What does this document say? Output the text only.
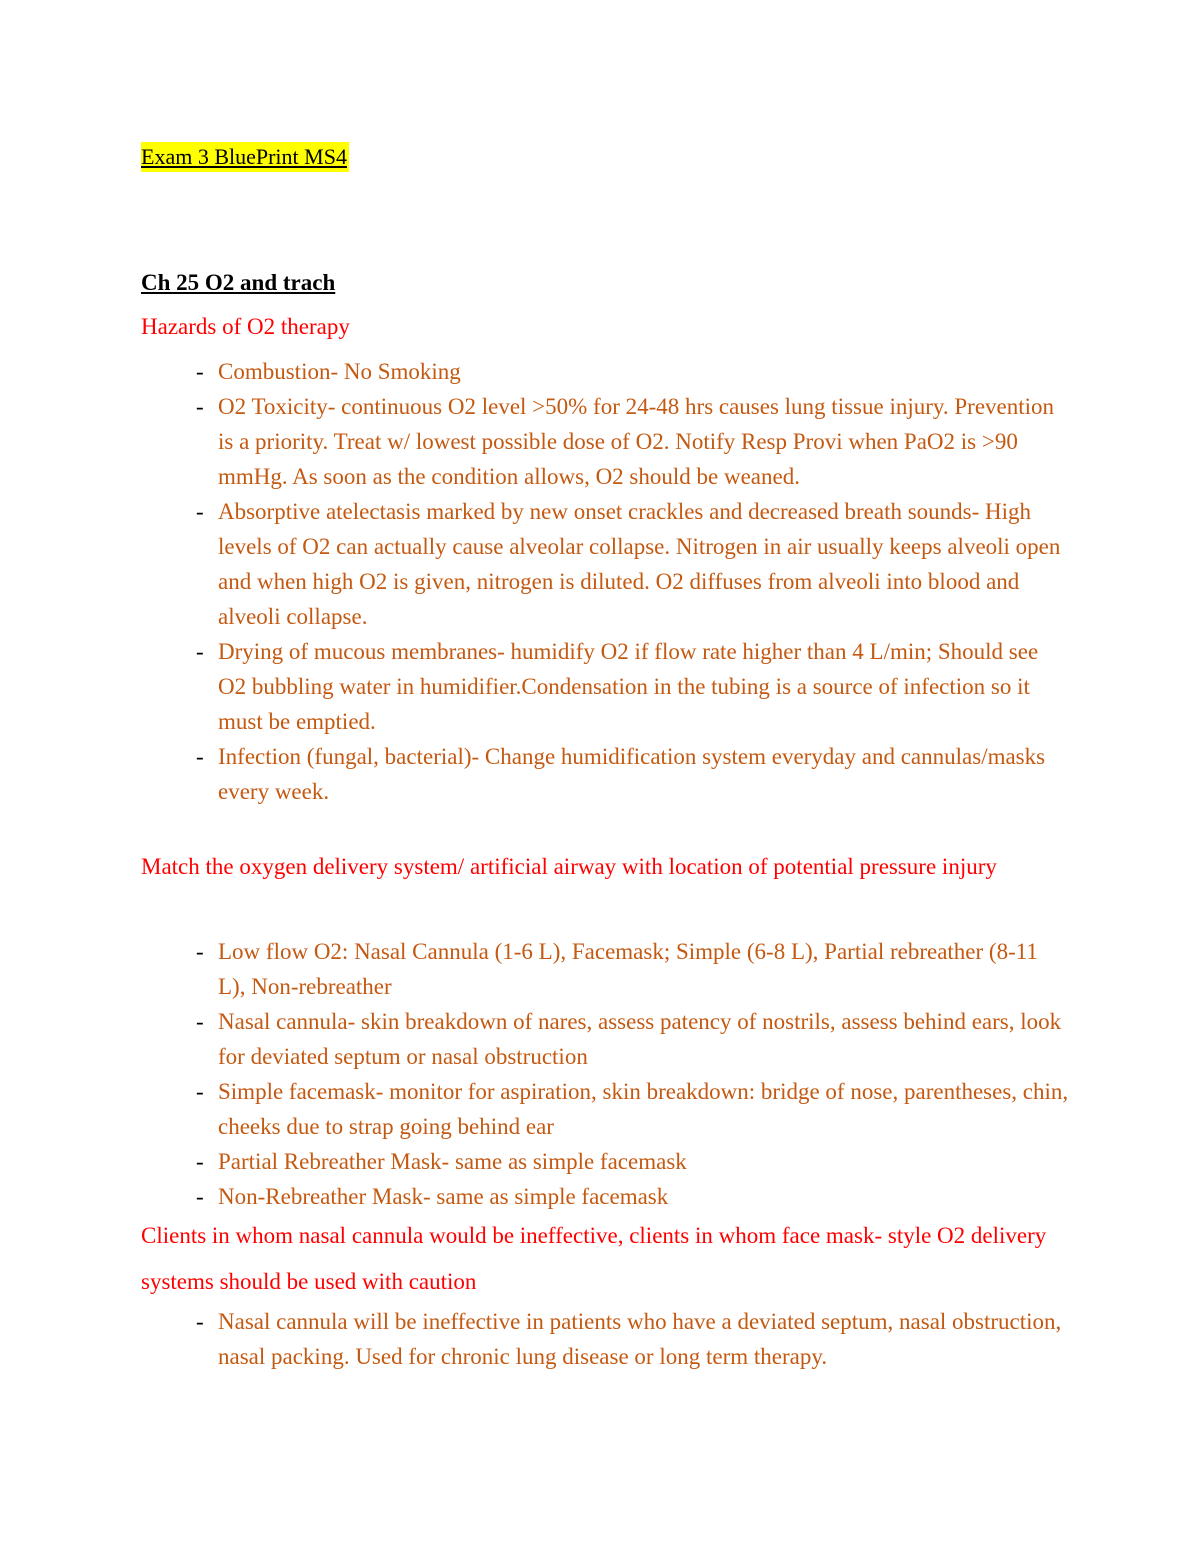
Exam 3 BluePrint MS4
Ch 25 O2 and trach
Hazards of O2 therapy
- Combustion- No Smoking
- O2 Toxicity- continuous O2 level >50% for 24-48 hrs causes lung tissue injury. Prevention is a priority. Treat w/ lowest possible dose of O2. Notify Resp Provi when PaO2 is >90 mmHg. As soon as the condition allows, O2 should be weaned.
- Absorptive atelectasis marked by new onset crackles and decreased breath sounds- High levels of O2 can actually cause alveolar collapse. Nitrogen in air usually keeps alveoli open and when high O2 is given, nitrogen is diluted. O2 diffuses from alveoli into blood and alveoli collapse.
- Drying of mucous membranes- humidify O2 if flow rate higher than 4 L/min; Should see O2 bubbling water in humidifier.Condensation in the tubing is a source of infection so it must be emptied.
- Infection (fungal, bacterial)- Change humidification system everyday and cannulas/masks every week.
Match the oxygen delivery system/ artificial airway with location of potential pressure injury
- Low flow O2: Nasal Cannula (1-6 L), Facemask; Simple (6-8 L), Partial rebreather (8-11 L), Non-rebreather
- Nasal cannula- skin breakdown of nares, assess patency of nostrils, assess behind ears, look for deviated septum or nasal obstruction
- Simple facemask- monitor for aspiration, skin breakdown: bridge of nose, parentheses, chin, cheeks due to strap going behind ear
- Partial Rebreather Mask- same as simple facemask
- Non-Rebreather Mask- same as simple facemask
Clients in whom nasal cannula would be ineffective, clients in whom face mask- style O2 delivery systems should be used with caution
- Nasal cannula will be ineffective in patients who have a deviated septum, nasal obstruction, nasal packing. Used for chronic lung disease or long term therapy.
